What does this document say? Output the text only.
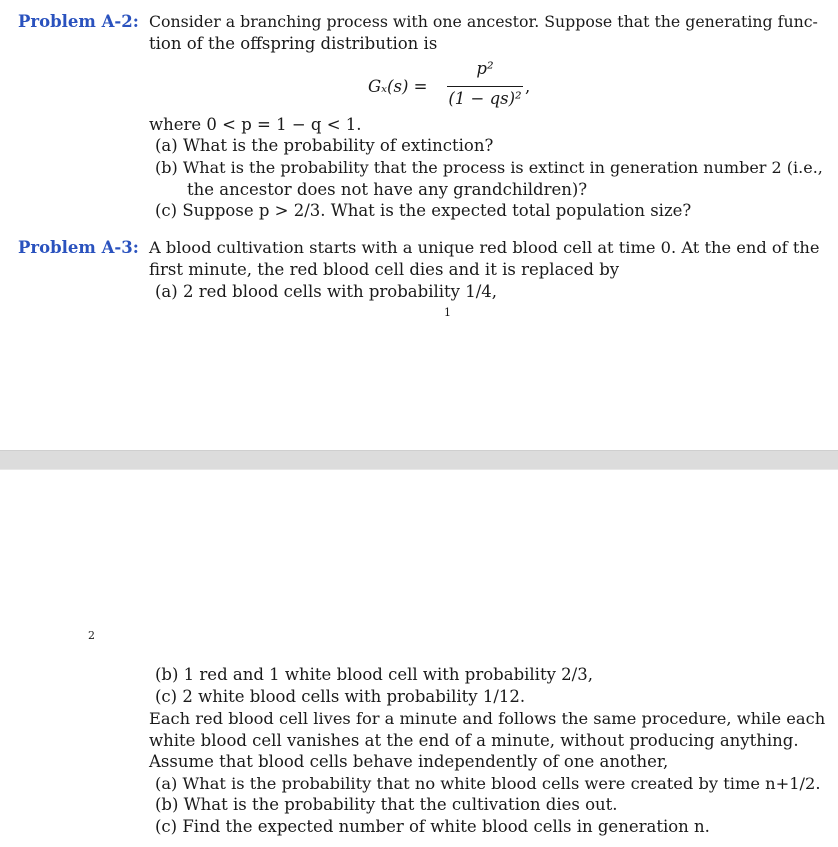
Problem A-2: Consider a branching process with one ancestor. Suppose that the generating func-
tion of the offspring distribution is
Gₓ(s) =
p²
(1 − qs)²
,
where 0 < p = 1 − q < 1.
(a) What is the probability of extinction?
(b) What is the probability that the process is extinct in generation number 2 (i.e.,
the ancestor does not have any grandchildren)?
(c) Suppose p > 2/3. What is the expected total population size?
Problem A-3: A blood cultivation starts with a unique red blood cell at time 0. At the end of the
first minute, the red blood cell dies and it is replaced by
(a) 2 red blood cells with probability 1/4,
1
2
(b) 1 red and 1 white blood cell with probability 2/3,
(c) 2 white blood cells with probability 1/12.
Each red blood cell lives for a minute and follows the same procedure, while each
white blood cell vanishes at the end of a minute, without producing anything.
Assume that blood cells behave independently of one another,
(a) What is the probability that no white blood cells were created by time n+1/2.
(b) What is the probability that the cultivation dies out.
(c) Find the expected number of white blood cells in generation n.
